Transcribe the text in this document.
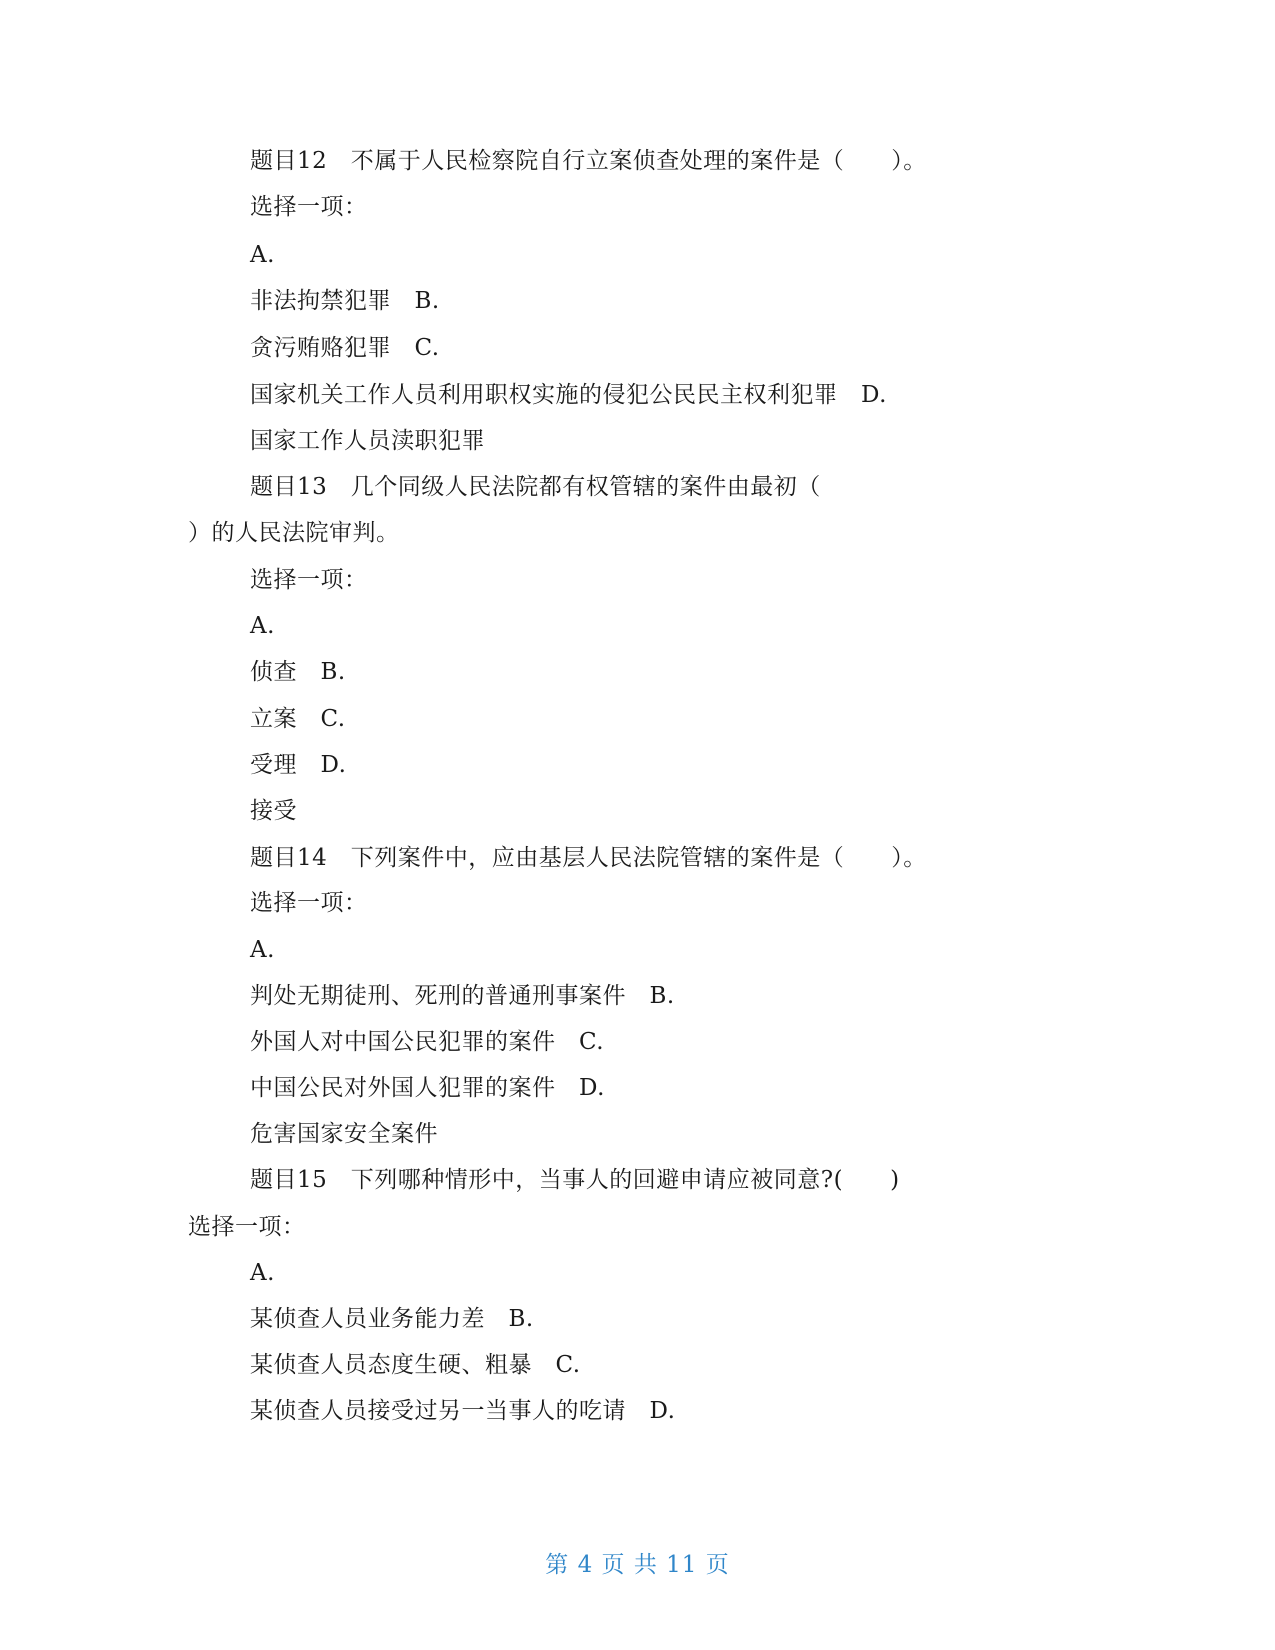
题目12　不属于人民检察院自行立案侦查处理的案件是（　　）。
选择一项：
A.
非法拘禁犯罪　B.
贪污贿赂犯罪　C.
国家机关工作人员利用职权实施的侵犯公民民主权利犯罪　D.
国家工作人员渎职犯罪
题目13　几个同级人民法院都有权管辖的案件由最初（
）的人民法院审判。
选择一项：
A.
侦查　B.
立案　C.
受理　D.
接受
题目14　下列案件中，应由基层人民法院管辖的案件是（　　）。
选择一项：
A.
判处无期徒刑、死刑的普通刑事案件　B.
外国人对中国公民犯罪的案件　C.
中国公民对外国人犯罪的案件　D.
危害国家安全案件
题目15　下列哪种情形中，当事人的回避申请应被同意?(　　)
选择一项：
A.
某侦查人员业务能力差　B.
某侦查人员态度生硬、粗暴　C.
某侦查人员接受过另一当事人的吃请　D.
第 4 页 共 11 页
